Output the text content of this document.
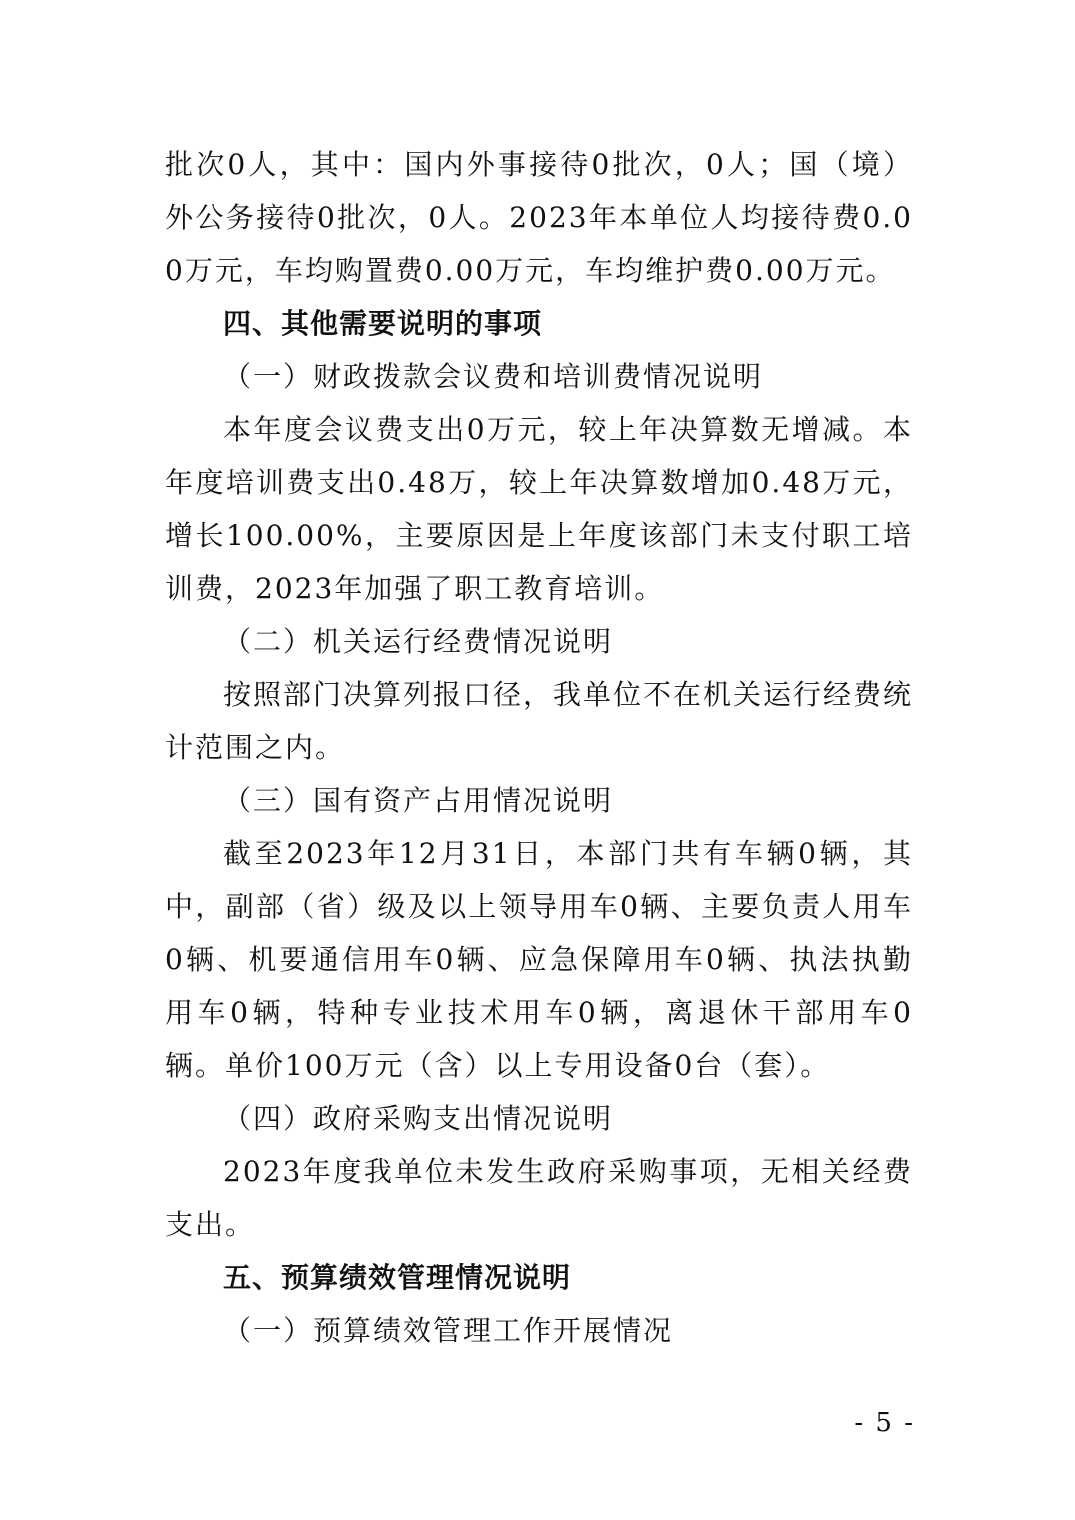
批次0人，其中：国内外事接待0批次，0人；国（境）外公务接待0批次，0人。2023年本单位人均接待费0.00万元，车均购置费0.00万元，车均维护费0.00万元。

四、其他需要说明的事项

（一）财政拨款会议费和培训费情况说明

本年度会议费支出0万元，较上年决算数无增减。本年度培训费支出0.48万，较上年决算数增加0.48万元，增长100.00%，主要原因是上年度该部门未支付职工培训费，2023年加强了职工教育培训。

（二）机关运行经费情况说明

按照部门决算列报口径，我单位不在机关运行经费统计范围之内。

（三）国有资产占用情况说明

截至2023年12月31日，本部门共有车辆0辆，其中，副部（省）级及以上领导用车0辆、主要负责人用车0辆、机要通信用车0辆、应急保障用车0辆、执法执勤用车0辆，特种专业技术用车0辆，离退休干部用车0辆。单价100万元（含）以上专用设备0台（套）。

（四）政府采购支出情况说明

2023年度我单位未发生政府采购事项，无相关经费支出。

五、预算绩效管理情况说明

（一）预算绩效管理工作开展情况

- 5 -
